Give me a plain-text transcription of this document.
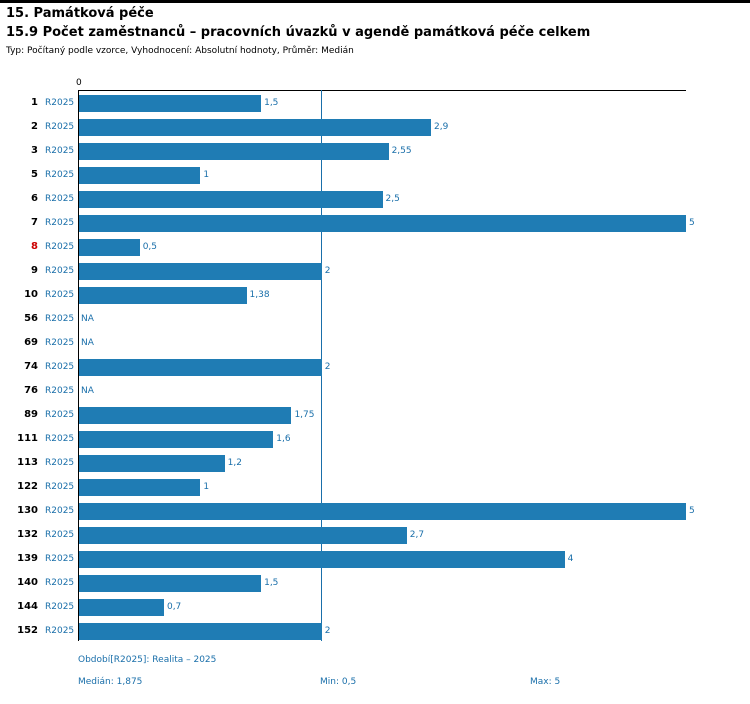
15. Památková péče
15.9 Počet zaměstnanců – pracovních úvazků v agendě památková péče celkem
Typ: Počítaný podle vzorce, Vyhodnocení: Absolutní hodnoty, Průměr: Medián
0
1 R2025	1,5
2 R2025	2,9
3 R2025	2,55
5 R2025	1
6 R2025	2,5
7 R2025	5
8 R2025	0,5
9 R2025	2
10 R2025	1,38
56 R2025 NA
69 R2025 NA
74 R2025	2
76 R2025 NA
89 R2025	1,75
111 R2025	1,6
113 R2025	1,2
122 R2025	1
130 R2025	5
132 R2025	2,7
139 R2025	4
140 R2025	1,5
144 R2025	0,7
152 R2025	2
Období[R2025]: Realita – 2025
Medián: 1,875	Min: 0,5	Max: 5
